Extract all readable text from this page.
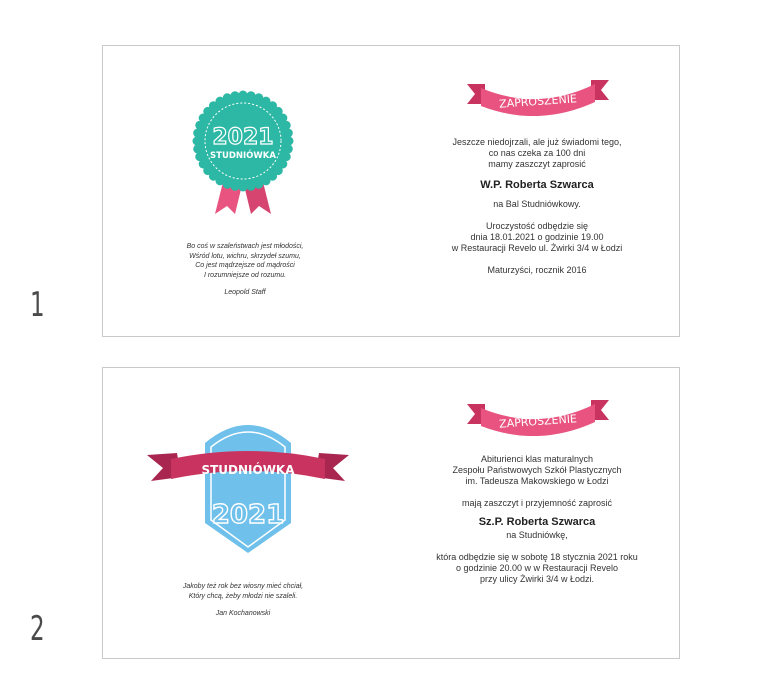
2021
STUDNIÓWKA
Bo coś w szaleństwach jest młodości,
Wśród lotu, wichru, skrzydeł szumu,
Co jest mądrzejsze od mądrości
I rozumniejsze od rozumu.
Leopold Staff
ZAPROSZENIE
Jeszcze niedojrzali, ale już świadomi tego,
co nas czeka za 100 dni
mamy zaszczyt zaprosić
W.P. Roberta Szwarca
na Bal Studniówkowy.
Uroczystość odbędzie się
dnia 18.01.2021 o godzinie 19.00
w Restauracji Revelo ul. Żwirki 3/4 w Łodzi
Maturzyści, rocznik 2016
1
STUDNIÓWKA
2021
Jakoby też rok bez wiosny mieć chciał,
Który chcą, żeby młodzi nie szaleli.
Jan Kochanowski
ZAPROSZENIE
Abiturienci klas maturalnych
Zespołu Państwowych Szkół Plastycznych
im. Tadeusza Makowskiego w Łodzi
mają zaszczyt i przyjemność zaprosić
Sz.P. Roberta Szwarca
na Studniówkę,
która odbędzie się w sobotę 18 stycznia 2021 roku
o godzinie 20.00 w w Restauracji Revelo
przy ulicy Żwirki 3/4 w Łodzi.
2
